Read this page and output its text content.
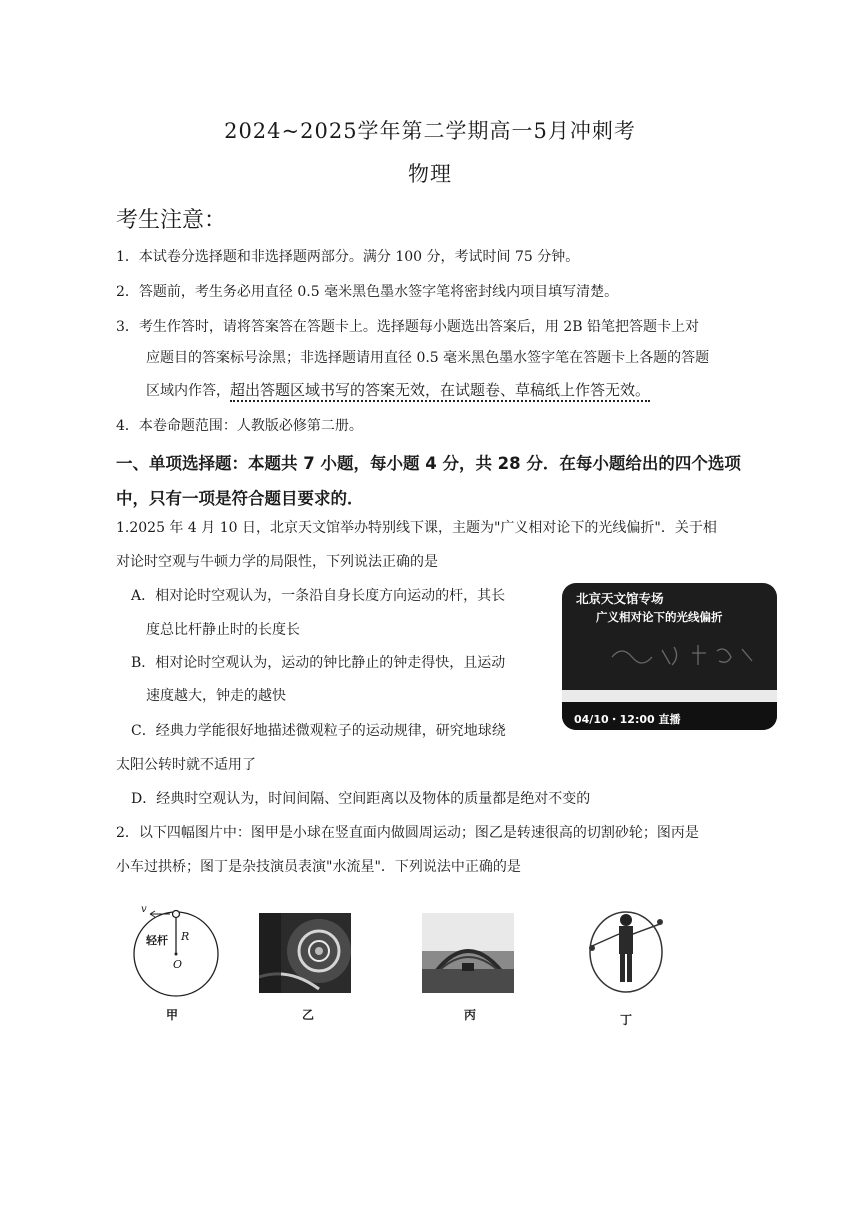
2024~2025学年第二学期高一5月冲刺考
物理
考生注意：
1．本试卷分选择题和非选择题两部分。满分 100 分，考试时间 75 分钟。
2．答题前，考生务必用直径 0.5 毫米黑色墨水签字笔将密封线内项目填写清楚。
3．考生作答时，请将答案答在答题卡上。选择题每小题选出答案后，用 2B 铅笔把答题卡上对
应题目的答案标号涂黑；非选择题请用直径 0.5 毫米黑色墨水签字笔在答题卡上各题的答题
区域内作答，超出答题区域书写的答案无效，在试题卷、草稿纸上作答无效。
4．本卷命题范围：人教版必修第二册。
一、单项选择题：本题共 7 小题，每小题 4 分，共 28 分．在每小题给出的四个选项
中，只有一项是符合题目要求的．
1.2025 年 4 月 10 日，北京天文馆举办特别线下课，主题为"广义相对论下的光线偏折"．关于相
对论时空观与牛顿力学的局限性，下列说法正确的是
A．相对论时空观认为，一条沿自身长度方向运动的杆，其长
度总比杆静止时的长度长
B．相对论时空观认为，运动的钟比静止的钟走得快，且运动
速度越大，钟走的越快
C．经典力学能很好地描述微观粒子的运动规律，研究地球绕
太阳公转时就不适用了
D．经典时空观认为，时间间隔、空间距离以及物体的质量都是绝对不变的
北京天文馆专场
广义相对论下的光线偏折
04/10・12:00 直播
2．以下四幅图片中：图甲是小球在竖直面内做圆周运动；图乙是转速很高的切割砂轮；图丙是
小车过拱桥；图丁是杂技演员表演"水流星"．下列说法中正确的是
v
轻杆 R
O
甲	乙	丙	丁
